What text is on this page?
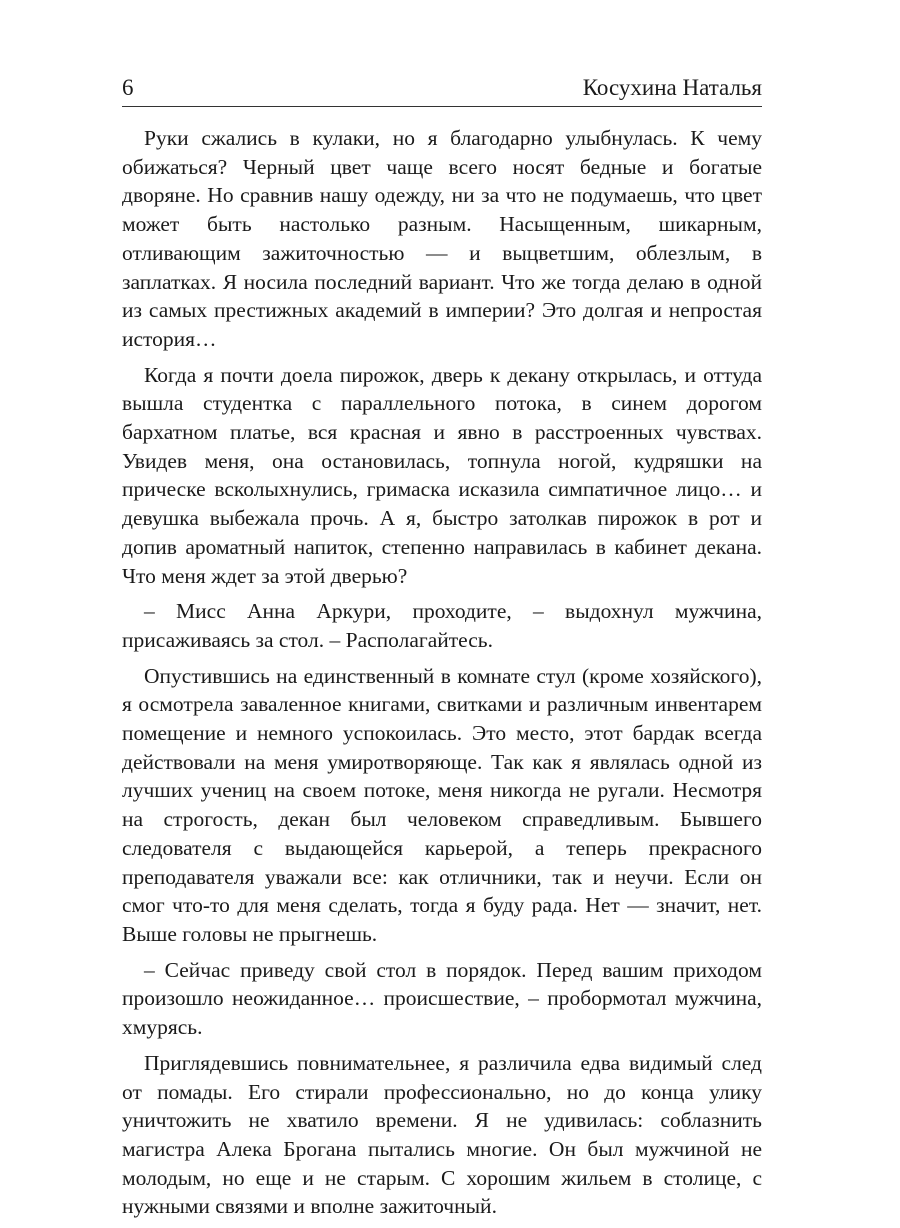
6	Косухина Наталья

Руки сжались в кулаки, но я благодарно улыбнулась. К чему обижаться? Черный цвет чаще всего носят бедные и богатые дворяне. Но сравнив нашу одежду, ни за что не подумаешь, что цвет может быть настолько разным. Насыщенным, шикарным, отливающим зажиточностью — и выцветшим, облезлым, в заплатках. Я носила последний вариант. Что же тогда делаю в одной из самых престижных академий в империи? Это долгая и непростая история…

Когда я почти доела пирожок, дверь к декану открылась, и оттуда вышла студентка с параллельного потока, в синем дорогом бархатном платье, вся красная и явно в расстроенных чувствах. Увидев меня, она остановилась, топнула ногой, кудряшки на прическе всколыхнулись, гримаска исказила симпатичное лицо… и девушка выбежала прочь. А я, быстро затолкав пирожок в рот и допив ароматный напиток, степенно направилась в кабинет декана. Что меня ждет за этой дверью?

– Мисс Анна Аркури, проходите, – выдохнул мужчина, присаживаясь за стол. – Располагайтесь.

Опустившись на единственный в комнате стул (кроме хозяйского), я осмотрела заваленное книгами, свитками и различным инвентарем помещение и немного успокоилась. Это место, этот бардак всегда действовали на меня умиротворяюще. Так как я являлась одной из лучших учениц на своем потоке, меня никогда не ругали. Несмотря на строгость, декан был человеком справедливым. Бывшего следователя с выдающейся карьерой, а теперь прекрасного преподавателя уважали все: как отличники, так и неучи. Если он смог что-то для меня сделать, тогда я буду рада. Нет — значит, нет. Выше головы не прыгнешь.

– Сейчас приведу свой стол в порядок. Перед вашим приходом произошло неожиданное… происшествие, – пробормотал мужчина, хмурясь.

Приглядевшись повнимательнее, я различила едва видимый след от помады. Его стирали профессионально, но до конца улику уничтожить не хватило времени. Я не удивилась: соблазнить магистра Алека Брогана пытались многие. Он был мужчиной не молодым, но еще и не старым. С хорошим жильем в столице, с нужными связями и вполне зажиточный.
